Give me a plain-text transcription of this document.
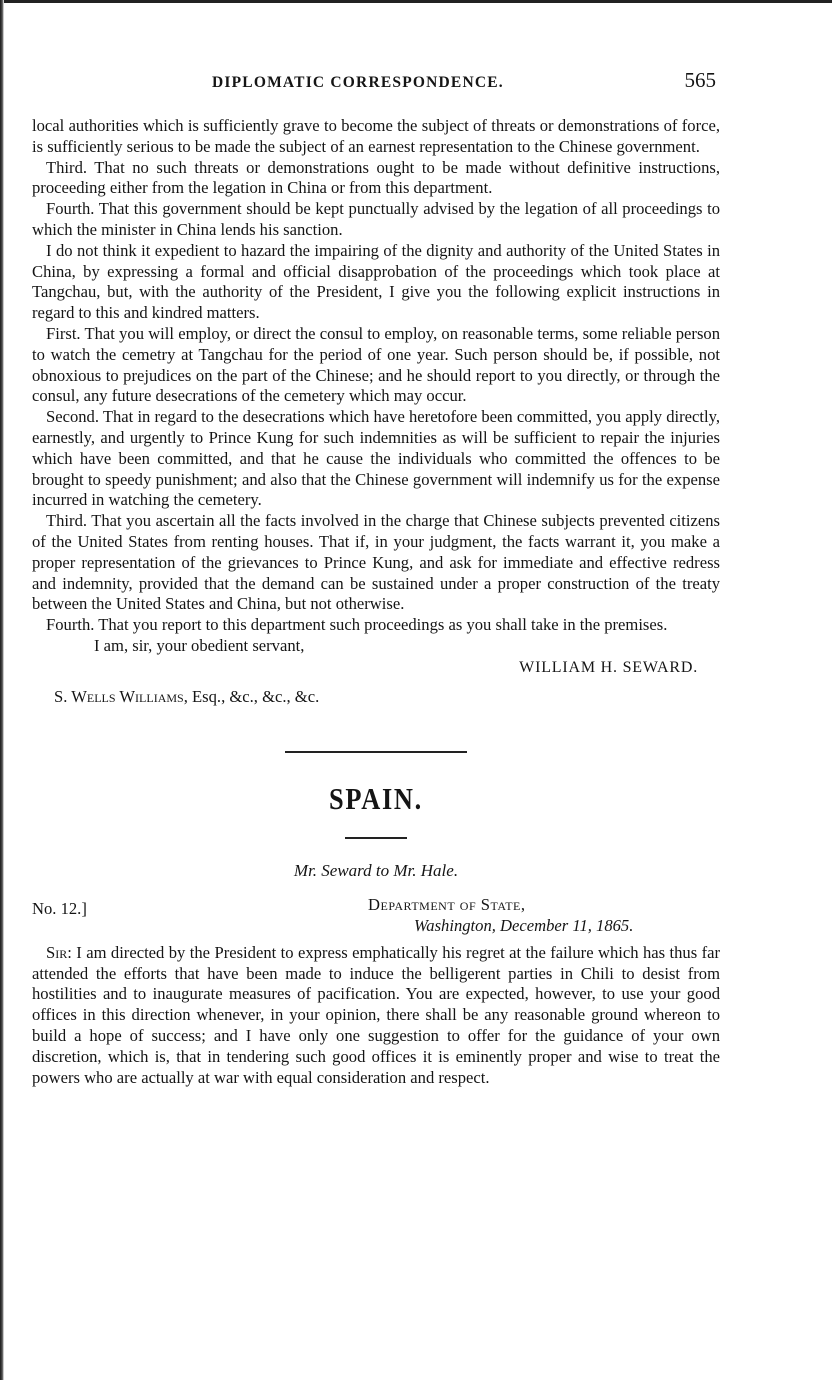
DIPLOMATIC CORRESPONDENCE.	565

local authorities which is sufficiently grave to become the subject of threats or demonstrations of force, is sufficiently serious to be made the subject of an earnest representation to the Chinese government.

Third. That no such threats or demonstrations ought to be made without definitive instructions, proceeding either from the legation in China or from this department.

Fourth. That this government should be kept punctually advised by the legation of all proceedings to which the minister in China lends his sanction.

I do not think it expedient to hazard the impairing of the dignity and authority of the United States in China, by expressing a formal and official disapprobation of the proceedings which took place at Tangchau, but, with the authority of the President, I give you the following explicit instructions in regard to this and kindred matters.

First. That you will employ, or direct the consul to employ, on reasonable terms, some reliable person to watch the cemetry at Tangchau for the period of one year. Such person should be, if possible, not obnoxious to prejudices on the part of the Chinese; and he should report to you directly, or through the consul, any future desecrations of the cemetery which may occur.

Second. That in regard to the desecrations which have heretofore been committed, you apply directly, earnestly, and urgently to Prince Kung for such indemnities as will be sufficient to repair the injuries which have been committed, and that he cause the individuals who committed the offences to be brought to speedy punishment; and also that the Chinese government will indemnify us for the expense incurred in watching the cemetery.

Third. That you ascertain all the facts involved in the charge that Chinese subjects prevented citizens of the United States from renting houses. That if, in your judgment, the facts warrant it, you make a proper representation of the grievances to Prince Kung, and ask for immediate and effective redress and indemnity, provided that the demand can be sustained under a proper construction of the treaty between the United States and China, but not otherwise.

Fourth. That you report to this department such proceedings as you shall take in the premises.

I am, sir, your obedient servant,

WILLIAM H. SEWARD.

S. Wells Williams, Esq., &c., &c., &c.

SPAIN.

Mr. Seward to Mr. Hale.

No. 12.]	Department of State,
Washington, December 11, 1865.

Sir: I am directed by the President to express emphatically his regret at the failure which has thus far attended the efforts that have been made to induce the belligerent parties in Chili to desist from hostilities and to inaugurate measures of pacification. You are expected, however, to use your good offices in this direction whenever, in your opinion, there shall be any reasonable ground whereon to build a hope of success; and I have only one suggestion to offer for the guidance of your own discretion, which is, that in tendering such good offices it is eminently proper and wise to treat the powers who are actually at war with equal consideration and respect.
